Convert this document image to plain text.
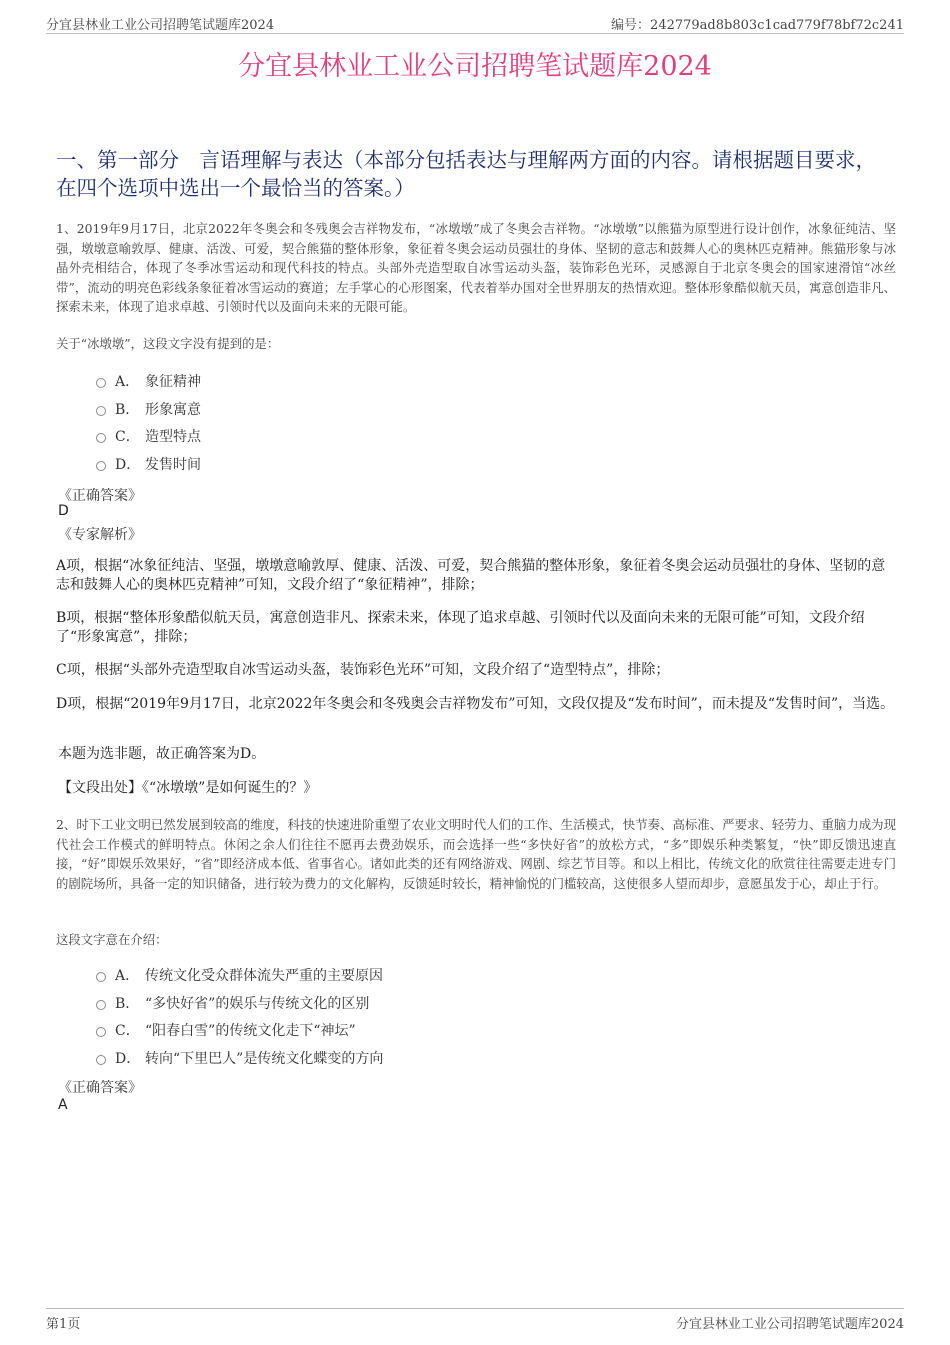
分宜县林业工业公司招聘笔试题库2024	编号：242779ad8b803c1cad779f78bf72c241
分宜县林业工业公司招聘笔试题库2024
一、第一部分　言语理解与表达（本部分包括表达与理解两方面的内容。请根据题目要求，在四个选项中选出一个最恰当的答案。）
1、2019年9月17日，北京2022年冬奥会和冬残奥会吉祥物发布，“冰墩墩”成了冬奥会吉祥物。“冰墩墩”以熊猫为原型进行设计创作，冰象征纯洁、坚强，墩墩意喻敦厚、健康、活泼、可爱，契合熊猫的整体形象，象征着冬奥会运动员强壮的身体、坚韧的意志和鼓舞人心的奥林匹克精神。熊猫形象与冰晶外壳相结合，体现了冬季冰雪运动和现代科技的特点。头部外壳造型取自冰雪运动头盔，装饰彩色光环，灵感源自于北京冬奥会的国家速滑馆“冰丝带”，流动的明亮色彩线条象征着冰雪运动的赛道；左手掌心的心形图案，代表着举办国对全世界朋友的热情欢迎。整体形象酷似航天员，寓意创造非凡、探索未来，体现了追求卓越、引领时代以及面向未来的无限可能。
关于“冰墩墩”，这段文字没有提到的是：
A． 象征精神
B． 形象寓意
C． 造型特点
D． 发售时间
《正确答案》
D
《专家解析》
A项，根据“冰象征纯洁、坚强，墩墩意喻敦厚、健康、活泼、可爱，契合熊猫的整体形象，象征着冬奥会运动员强壮的身体、坚韧的意志和鼓舞人心的奥林匹克精神”可知，文段介绍了“象征精神”，排除；
B项，根据“整体形象酷似航天员，寓意创造非凡、探索未来，体现了追求卓越、引领时代以及面向未来的无限可能”可知，文段介绍了“形象寓意”，排除；
C项，根据“头部外壳造型取自冰雪运动头盔，装饰彩色光环”可知，文段介绍了“造型特点”，排除；
D项，根据“2019年9月17日，北京2022年冬奥会和冬残奥会吉祥物发布”可知，文段仅提及“发布时间”，而未提及“发售时间”，当选。
本题为选非题，故正确答案为D。
【文段出处】《“冰墩墩”是如何诞生的？》
2、时下工业文明已然发展到较高的维度，科技的快速进阶重塑了农业文明时代人们的工作、生活模式，快节奏、高标准、严要求、轻劳力、重脑力成为现代社会工作模式的鲜明特点。休闲之余人们往往不愿再去费劲娱乐，而会选择一些“多快好省”的放松方式，“多”即娱乐种类繁复，“快”即反馈迅速直接，“好”即娱乐效果好，“省”即经济成本低、省事省心。诸如此类的还有网络游戏、网剧、综艺节目等。和以上相比，传统文化的欣赏往往需要走进专门的剧院场所，具备一定的知识储备，进行较为费力的文化解构，反馈延时较长，精神愉悦的门槛较高，这使很多人望而却步，意愿虽发于心，却止于行。
这段文字意在介绍：
A． 传统文化受众群体流失严重的主要原因
B． “多快好省”的娱乐与传统文化的区别
C． “阳春白雪”的传统文化走下“神坛”
D． 转向“下里巴人”是传统文化蝶变的方向
《正确答案》
A
第1页	分宜县林业工业公司招聘笔试题库2024
